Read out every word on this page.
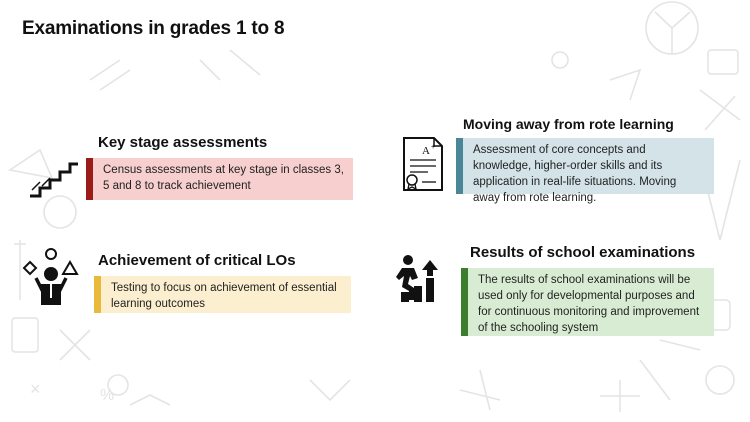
%
×
Examinations in grades 1 to 8
Key stage assessments
Census assessments at key stage in classes 3, 5 and 8 to track achievement
A +
Moving away from rote learning
Assessment of core concepts and knowledge, higher-order skills and its application in real-life situations. Moving away from rote learning.
Achievement of critical LOs
Testing to focus on achievement of essential learning outcomes
Results of school examinations
The results of school examinations will be used only for developmental purposes and for continuous monitoring and improvement of the schooling system
